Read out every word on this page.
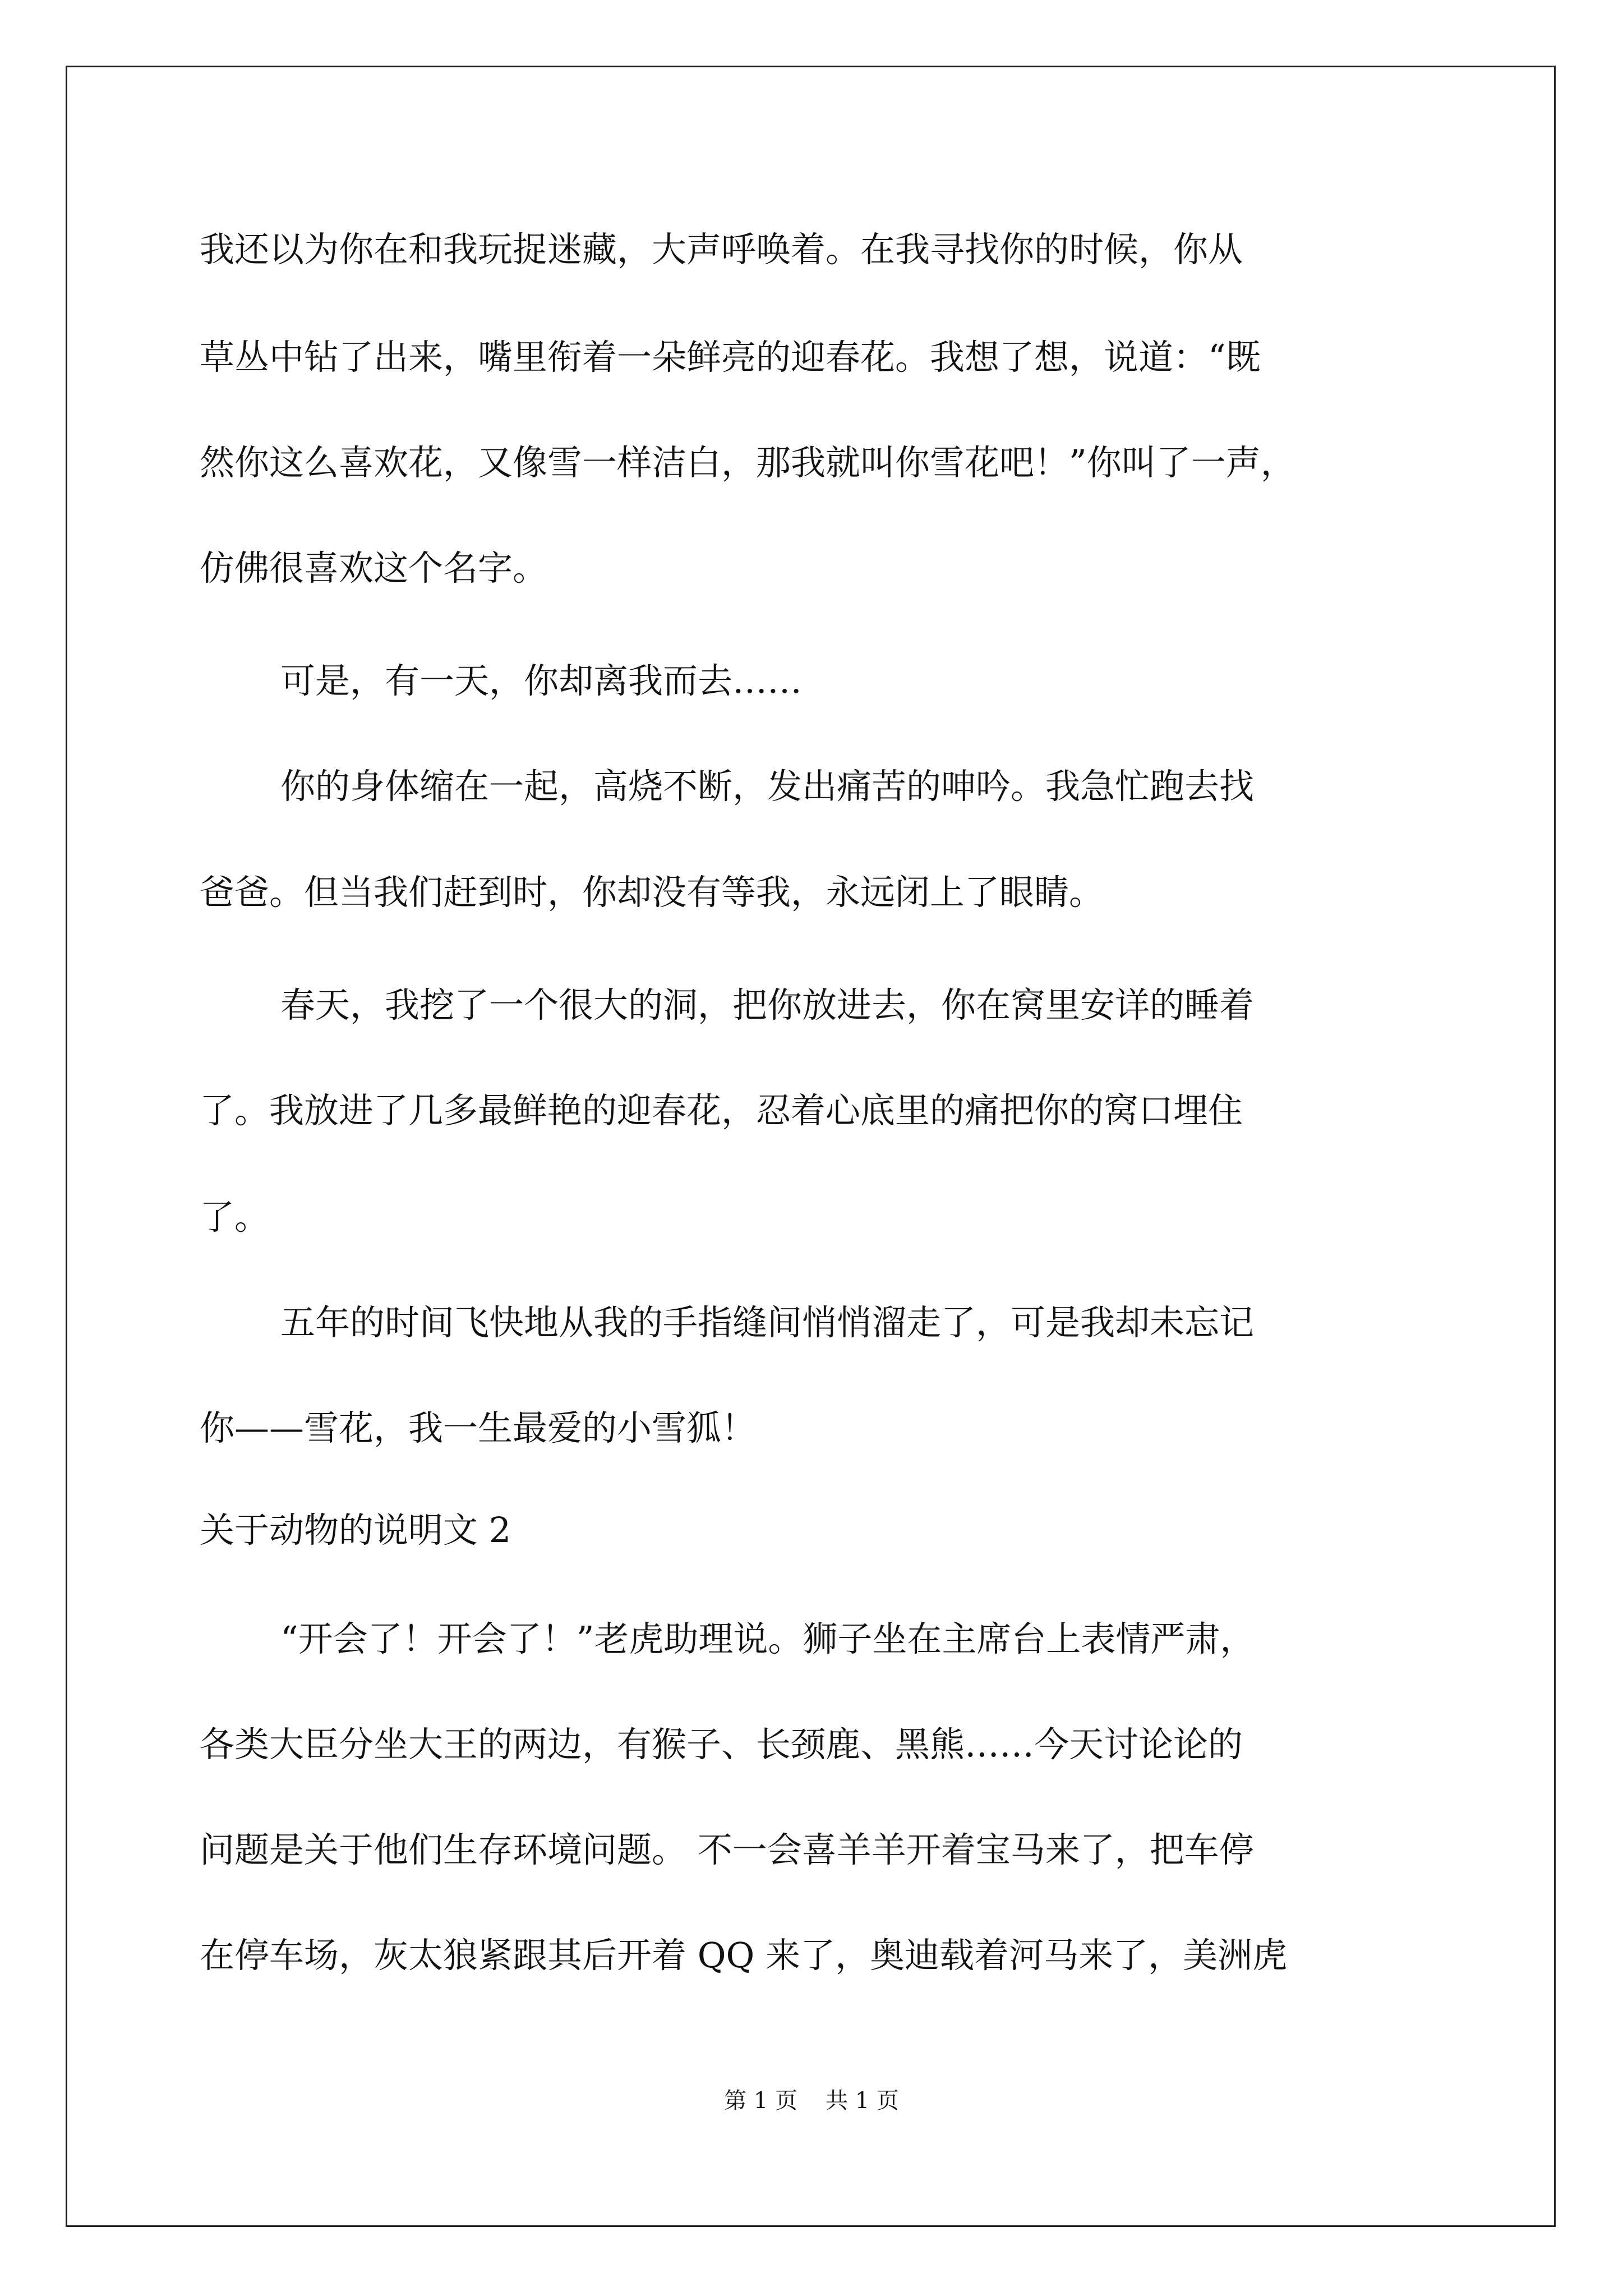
我还以为你在和我玩捉迷藏，大声呼唤着。在我寻找你的时候，你从
草丛中钻了出来，嘴里衔着一朵鲜亮的迎春花。我想了想，说道：“既
然你这么喜欢花，又像雪一样洁白，那我就叫你雪花吧！”你叫了一声，
仿佛很喜欢这个名字。
可是，有一天，你却离我而去……
你的身体缩在一起，高烧不断，发出痛苦的呻吟。我急忙跑去找
爸爸。但当我们赶到时，你却没有等我，永远闭上了眼睛。
春天，我挖了一个很大的洞，把你放进去，你在窝里安详的睡着
了。我放进了几多最鲜艳的迎春花，忍着心底里的痛把你的窝口埋住
了。
五年的时间飞快地从我的手指缝间悄悄溜走了，可是我却未忘记
你——雪花，我一生最爱的小雪狐！
关于动物的说明文 2
“开会了！开会了！”老虎助理说。狮子坐在主席台上表情严肃，
各类大臣分坐大王的两边，有猴子、长颈鹿、黑熊……今天讨论论的
问题是关于他们生存环境问题。 不一会喜羊羊开着宝马来了，把车停
在停车场，灰太狼紧跟其后开着 QQ 来了，奥迪载着河马来了，美洲虎
第 1 页 共 1 页
